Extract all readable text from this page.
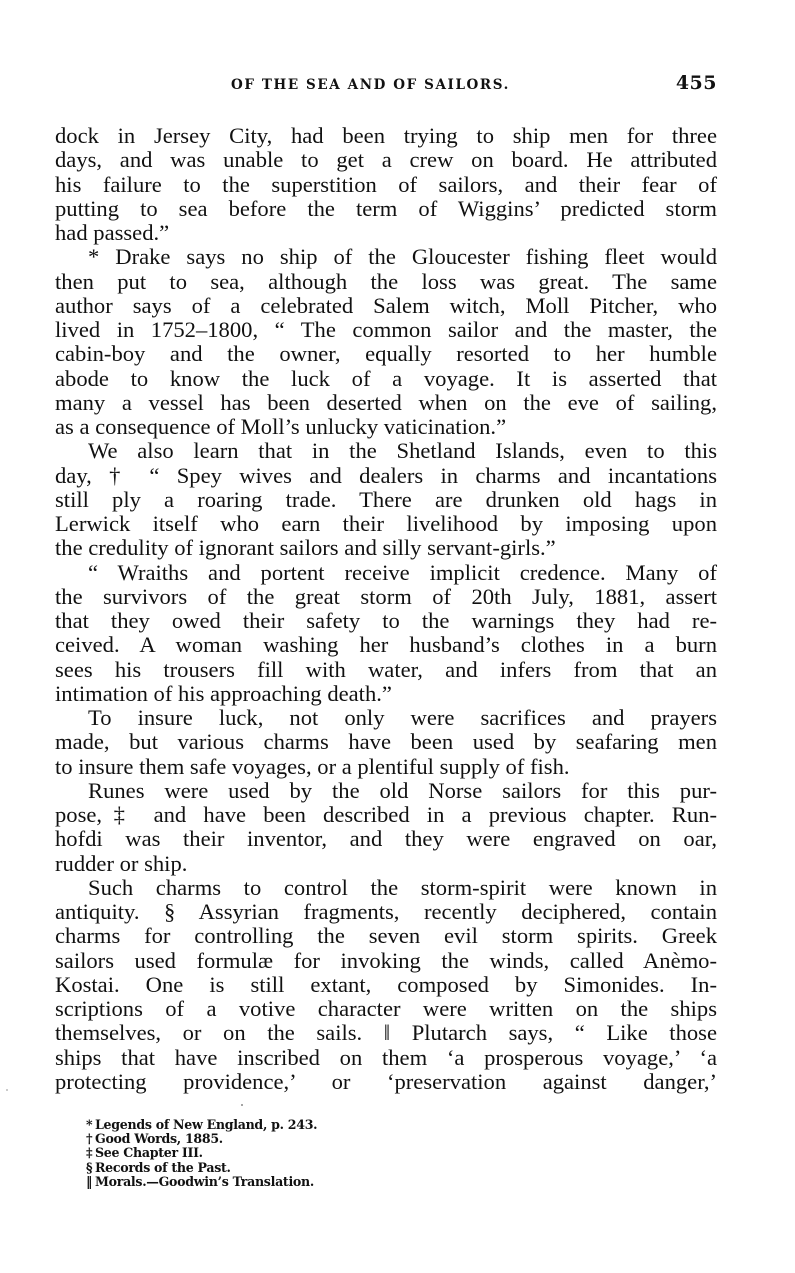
OF THE SEA AND OF SAILORS.	455
dock in Jersey City, had been trying to ship men for three
days, and was unable to get a crew on board. He attributed
his failure to the superstition of sailors, and their fear of
putting to sea before the term of Wiggins’ predicted storm
had passed.”
* Drake says no ship of the Gloucester fishing fleet would
then put to sea, although the loss was great. The same
author says of a celebrated Salem witch, Moll Pitcher, who
lived in 1752–1800, “ The common sailor and the master, the
cabin-boy and the owner, equally resorted to her humble
abode to know the luck of a voyage. It is asserted that
many a vessel has been deserted when on the eve of sailing,
as a consequence of Moll’s unlucky vaticination.”
We also learn that in the Shetland Islands, even to this
day, † “ Spey wives and dealers in charms and incantations
still ply a roaring trade. There are drunken old hags in
Lerwick itself who earn their livelihood by imposing upon
the credulity of ignorant sailors and silly servant-girls.”
“ Wraiths and portent receive implicit credence. Many of
the survivors of the great storm of 20th July, 1881, assert
that they owed their safety to the warnings they had re-
ceived. A woman washing her husband’s clothes in a burn
sees his trousers fill with water, and infers from that an
intimation of his approaching death.”
To insure luck, not only were sacrifices and prayers
made, but various charms have been used by seafaring men
to insure them safe voyages, or a plentiful supply of fish.
Runes were used by the old Norse sailors for this pur-
pose,‡ and have been described in a previous chapter. Run-
hofdi was their inventor, and they were engraved on oar,
rudder or ship.
Such charms to control the storm-spirit were known in
antiquity. § Assyrian fragments, recently deciphered, contain
charms for controlling the seven evil storm spirits. Greek
sailors used formulæ for invoking the winds, called Anèmo-
Kostai. One is still extant, composed by Simonides. In-
scriptions of a votive character were written on the ships
themselves, or on the sails. ‖ Plutarch says, “ Like those
ships that have inscribed on them ‘a prosperous voyage,’ ‘a
protecting providence,’ or ‘preservation against danger,’
* Legends of New England, p. 243.
† Good Words, 1885.
‡ See Chapter III.
§ Records of the Past.
‖ Morals.—Goodwin’s Translation.
